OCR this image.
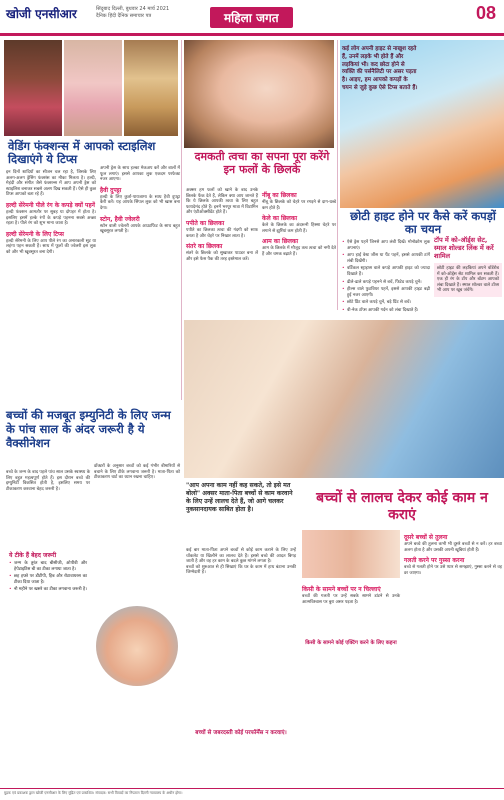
खोजी एनसीआर	सिंदूबाद दिल्ली, बुधवार 24 मार्च 2021
दैनिक हिंदी दैनिक समाचार पत्र	महिला जगत	08
वेडिंग फंक्शन्स में आपको स्टाइलिश दिखाएंगे ये टिप्स

इन दिनों शादियों का सीजन चल रहा है, जिसके लिए अलग-अलग ड्रेसिंग फंक्शंस का मौका मिलता है। हल्दी, मेहंदी और संगीत जैसे फंक्शन्स में आप अपनी ड्रेस को स्टाइलिश बनाकर सबसे अलग दिख सकती हैं। ऐसे ही कुछ टिप्स आपको बता रहे हैं।

हल्दी सेरेमनी पीले रंग के कपड़े क्यों पहनें

हल्दी फंक्शन आमतौर पर सुबह या दोपहर में होता है। इसलिए इसमें हल्के रंगों के कपड़े पहनना सबसे अच्छा रहता है। पीले रंग को शुभ माना जाता है।

हल्दी सेरेमनी के लिए टिप्स

हल्दी सेरेमनी के लिए आप पीले रंग का अनारकली सूट या लहंगा पहन सकती हैं। साथ में फूलों की ज्वेलरी इस लुक को और भी खूबसूरत बना देगी।

अपनी ड्रेस के साथ हल्का मेकअप करें और बालों में फूल लगाएं। इससे आपका लुक एकदम परफेक्ट नजर आएगा।

हैवी दुपट्टा

हल्दी के लिए कुर्ता-पायजामा के साथ हैवी दुपट्टा कैरी करें। यह आपके सिंपल लुक को भी खास बना देगा।

स्टोन, हैवी ज्वेलरी

स्टोन वाली ज्वेलरी आपके आउटफिट के साथ बहुत खूबसूरत लगती है।

दमकती त्वचा का सपना पूरा करेंगे इन फलों के छिलके

अक्सर हम फलों को खाने के बाद उनके छिलके फेंक देते हैं, लेकिन क्या आप जानते हैं कि ये छिलके आपकी त्वचा के लिए बहुत फायदेमंद होते हैं। इनमें भरपूर मात्रा में विटामिन और एंटीऑक्सीडेंट होते हैं।

पपीते का छिलका

पपीते का छिलका त्वचा की गंदगी को साफ करता है और चेहरे पर निखार लाता है।

संतरे का छिलका

संतरे के छिलके को सुखाकर पाउडर बना लें और इसे फेस पैक की तरह इस्तेमाल करें।

नींबू का छिलका

नींबू के छिलके को चेहरे पर रगड़ने से दाग-धब्बे कम होते हैं।

केले का छिलका

केले के छिलके का अंदरूनी हिस्सा चेहरे पर लगाने से झुर्रियां कम होती हैं।

आम का छिलका

आम के छिलके में मौजूद तत्व त्वचा को नमी देते हैं और चमक बढ़ाते हैं।

कई लोग अपनी हाइट से नाखुश रहते हैं, उनमें लड़के भी होते हैं और लड़कियां भी। कद छोटा होने से व्यक्ति की पर्सनैलिटी पर असर पड़ता है। आइए, हम आपको कपड़ों के चयन से जुड़े कुछ ऐसे टिप्स बताते हैं।
छोटी हाइट होने पर कैसे करें कपड़ों का चयन
• ऐसे ड्रेस पहनें जिनसे आप लंबी दिखें। मोनोक्रोम लुक अपनाएं।
• आप हाई वेस्ट जींस या पैंट पहनें, इससे आपकी टांगें लंबी दिखेंगी।
• वर्टिकल स्ट्राइप्स वाले कपड़े आपकी हाइट को ज्यादा दिखाते हैं।
• ढीले-ढाले कपड़े पहनने से बचें, फिटेड कपड़े चुनें।
• हील्स वाले फुटवियर पहनें, इससे आपकी हाइट बढ़ी हुई नजर आएगी।
• छोटे प्रिंट वाले कपड़े चुनें, बड़े प्रिंट से बचें।
• वी-नेक टॉप्स आपकी गर्दन को लंबा दिखाते हैं।
टॉप में को-ऑर्ड्स सेट, स्माल शोल्डर लिंक में करें शामिल

छोटी हाइट की लड़कियां अपने वॉर्डरोब में को-ऑर्ड्स सेट शामिल कर सकती हैं। एक ही रंग के टॉप और बॉटम आपको लंबा दिखाते हैं। स्माल शोल्डर वाले टॉप्स भी आप पर खूब जंचेंगे।

बच्चों की मजबूत इम्युनिटी के लिए जन्म के पांच साल के अंदर जरूरी है ये वैक्सीनेशन

बच्चे के जन्म के बाद पहले पांच साल उसके स्वास्थ्य के लिए बहुत महत्वपूर्ण होते हैं। इस दौरान बच्चे की इम्युनिटी विकसित होती है, इसलिए समय पर टीकाकरण करवाना बेहद जरूरी है।

डॉक्टरों के अनुसार बच्चों को कई गंभीर बीमारियों से बचाने के लिए टीके लगवाना जरूरी है। माता-पिता को टीकाकरण चार्ट का ध्यान रखना चाहिए।

ये टीके हैं बेहद जरूरी
• जन्म के तुरंत बाद बीसीजी, ओपीवी और हेपेटाइटिस बी का टीका लगाया जाता है।
• छह हफ्ते पर डीटीपी, हिब और रोटावायरस का टीका दिया जाता है।
• नौ महीने पर खसरे का टीका लगवाना जरूरी है।
"आप अपना काम नहीं कह सकते, तो इसे मत बोलो" अक्सर माता-पिता बच्चों से काम करवाने के लिए उन्हें लालच देते हैं, जो आगे चलकर नुकसानदायक साबित होता है।
बच्चों से लालच देकर कोई काम न कराएं

कई बार माता-पिता अपने बच्चों से कोई काम कराने के लिए उन्हें चॉकलेट या खिलौने का लालच देते हैं। इससे बच्चे की आदत बिगड़ जाती है और वह हर काम के बदले कुछ मांगने लगता है।

बच्चों को शुरुआत से ही सिखाएं कि घर के काम में हाथ बंटाना उनकी जिम्मेदारी है।

किसी के सामने बच्चों पर न चिल्लाएं

बच्चों की गलती पर उन्हें सबके सामने डांटने से उनके आत्मविश्वास पर बुरा असर पड़ता है।

दूसरे बच्चों से तुलना

अपने बच्चे की तुलना कभी भी दूसरे बच्चों से न करें। हर बच्चा अलग होता है और उसकी अपनी खूबियां होती हैं।

गलती करने पर गुस्सा करना

बच्चे से गलती होने पर उसे प्यार से समझाएं, गुस्सा करने से वह डर जाएगा।

किसी के सामने कोई एक्टिंग करने के लिए कहना
बच्चों से जबरदस्ती कोई परफॉर्मेंस न करवाएं।
मुद्रक एवं प्रकाशक द्वारा खोजी एनसीआर के लिए मुद्रित एवं प्रकाशित। संपादक: सभी विवादों का निपटारा दिल्ली न्यायालय के अधीन होगा।
